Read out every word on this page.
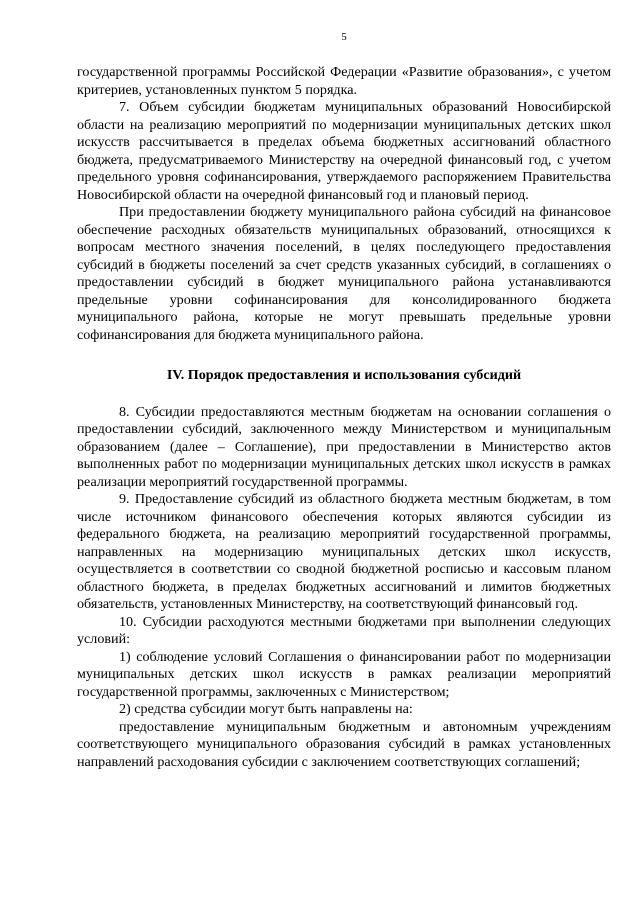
5

государственной программы Российской Федерации «Развитие образования», с учетом критериев, установленных пунктом 5 порядка.

7. Объем субсидии бюджетам муниципальных образований Новосибирской области на реализацию мероприятий по модернизации муниципальных детских школ искусств рассчитывается в пределах объема бюджетных ассигнований областного бюджета, предусматриваемого Министерству на очередной финансовый год, с учетом предельного уровня софинансирования, утверждаемого распоряжением Правительства Новосибирской области на очередной финансовый год и плановый период.

При предоставлении бюджету муниципального района субсидий на финансовое обеспечение расходных обязательств муниципальных образований, относящихся к вопросам местного значения поселений, в целях последующего предоставления субсидий в бюджеты поселений за счет средств указанных субсидий, в соглашениях о предоставлении субсидий в бюджет муниципального района устанавливаются предельные уровни софинансирования для консолидированного бюджета муниципального района, которые не могут превышать предельные уровни софинансирования для бюджета муниципального района.

IV. Порядок предоставления и использования субсидий

8. Субсидии предоставляются местным бюджетам на основании соглашения о предоставлении субсидий, заключенного между Министерством и муниципальным образованием (далее – Соглашение), при предоставлении в Министерство актов выполненных работ по модернизации муниципальных детских школ искусств в рамках реализации мероприятий государственной программы.

9. Предоставление субсидий из областного бюджета местным бюджетам, в том числе источником финансового обеспечения которых являются субсидии из федерального бюджета, на реализацию мероприятий государственной программы, направленных на модернизацию муниципальных детских школ искусств, осуществляется в соответствии со сводной бюджетной росписью и кассовым планом областного бюджета, в пределах бюджетных ассигнований и лимитов бюджетных обязательств, установленных Министерству, на соответствующий финансовый год.

10. Субсидии расходуются местными бюджетами при выполнении следующих условий:

1) соблюдение условий Соглашения о финансировании работ по модернизации муниципальных детских школ искусств в рамках реализации мероприятий государственной программы, заключенных с Министерством;

2) средства субсидии могут быть направлены на:

предоставление муниципальным бюджетным и автономным учреждениям соответствующего муниципального образования субсидий в рамках установленных направлений расходования субсидии с заключением соответствующих соглашений;
